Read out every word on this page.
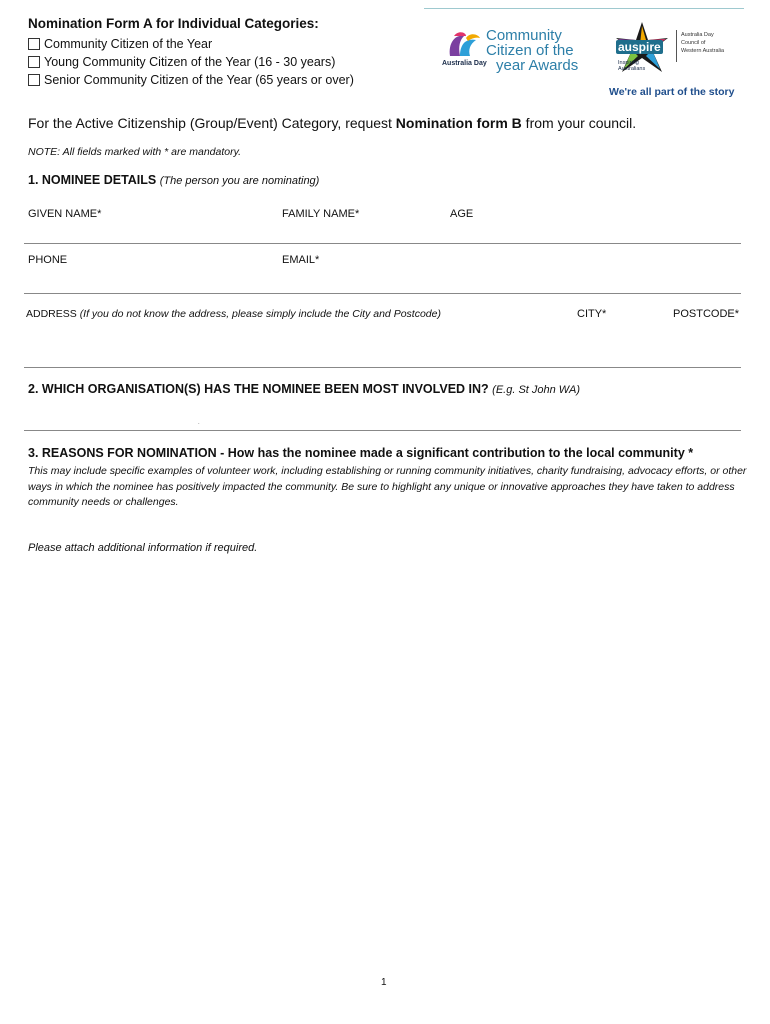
Nomination Form A for Individual Categories:
Community Citizen of the Year
Young Community Citizen of the Year (16 - 30 years)
Senior Community Citizen of the Year (65 years or over)
Community
Citizen of the
year Awards
Australia Day
auspire
Inspiring
Australians
Australia Day
Council of
Western Australia
We're all part of the story
For the Active Citizenship (Group/Event) Category, request Nomination form B from your council.
NOTE: All fields marked with * are mandatory.
1. NOMINEE DETAILS (The person you are nominating)
GIVEN NAME*	FAMILY NAME*	AGE
PHONE	EMAIL*
ADDRESS (If you do not know the address, please simply include the City and Postcode)	CITY*	POSTCODE*
2. WHICH ORGANISATION(S) HAS THE NOMINEE BEEN MOST INVOLVED IN? (E.g. St John WA)
.
3. REASONS FOR NOMINATION - How has the nominee made a significant contribution to the local community *
This may include specific examples of volunteer work, including establishing or running community initiatives, charity fundraising, advocacy efforts, or other ways in which the nominee has positively impacted the community. Be sure to highlight any unique or innovative approaches they have taken to address community needs or challenges.
Please attach additional information if required.
1
